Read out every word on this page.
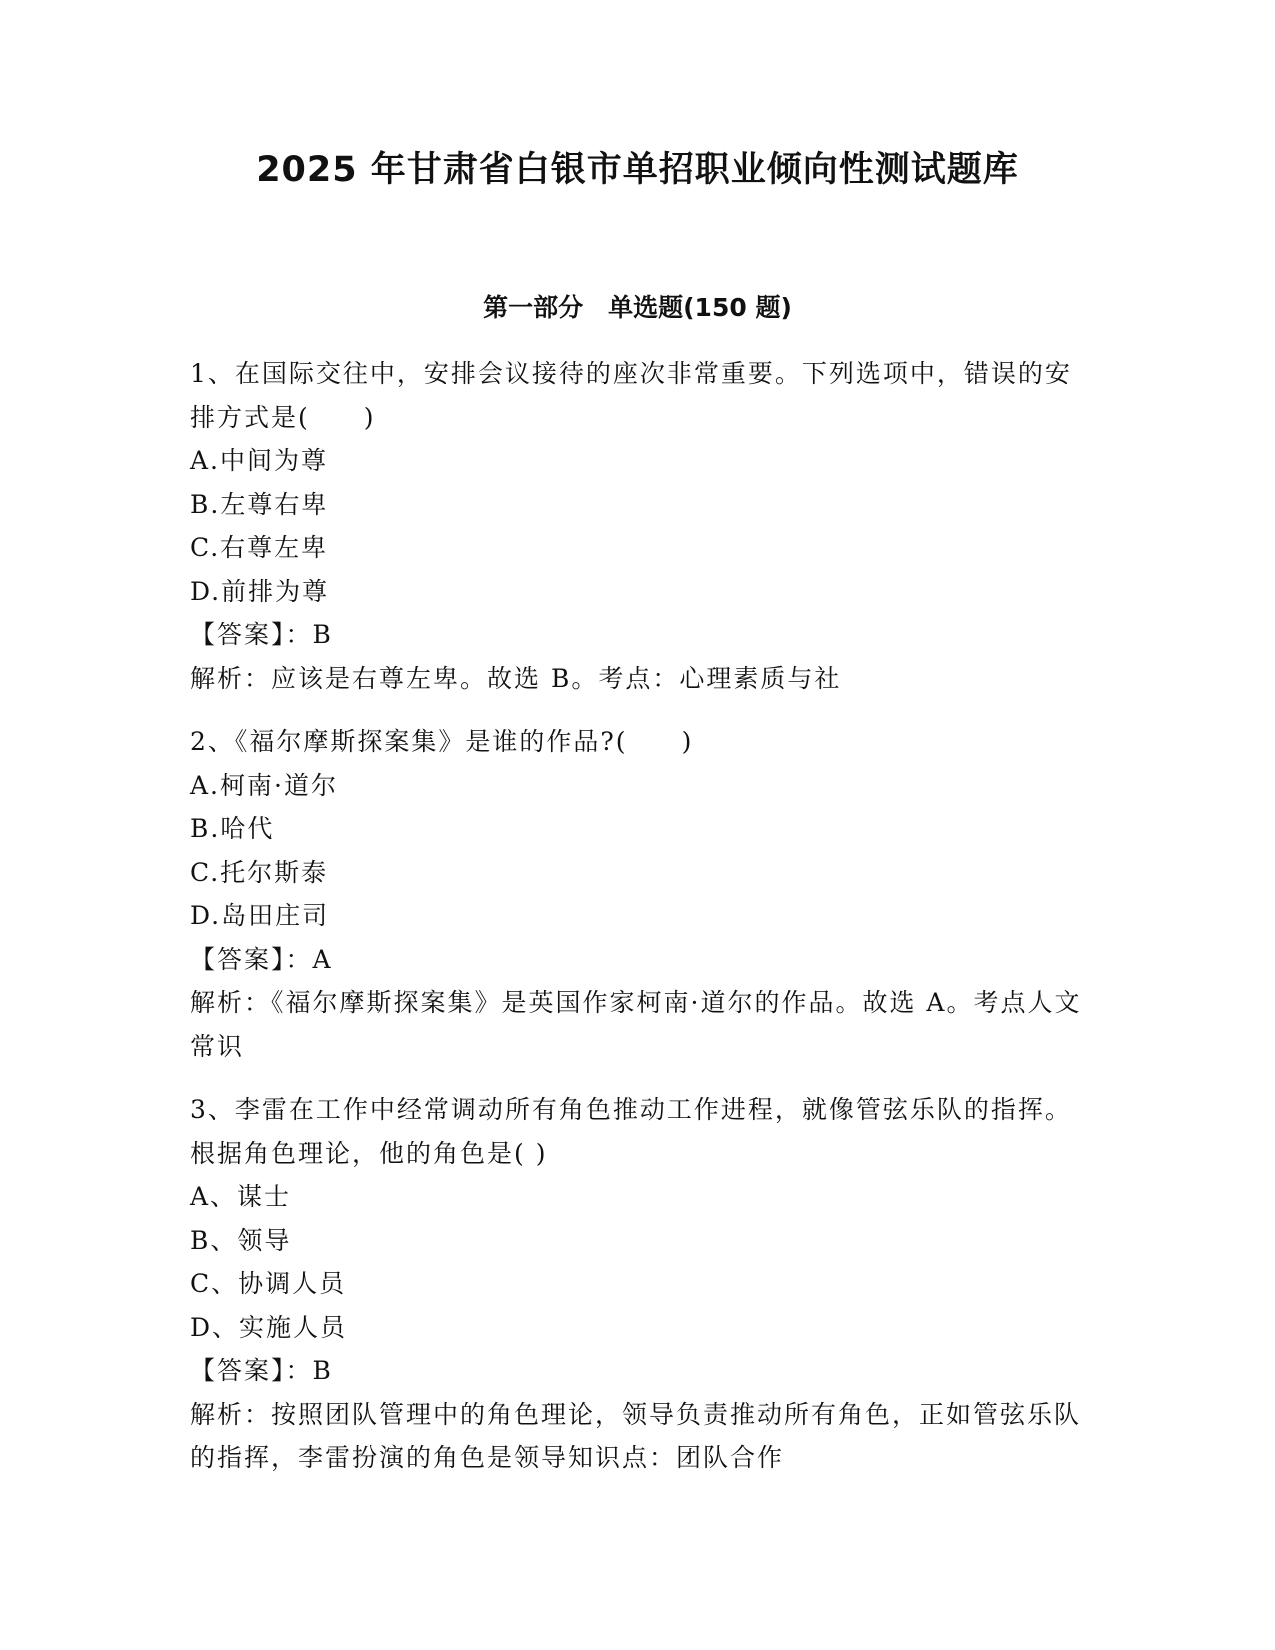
2025 年甘肃省白银市单招职业倾向性测试题库
第一部分　单选题(150 题)
1、在国际交往中，安排会议接待的座次非常重要。下列选项中，错误的安排方式是(　　)
A.中间为尊
B.左尊右卑
C.右尊左卑
D.前排为尊
【答案】：B
解析：应该是右尊左卑。故选 B。考点：心理素质与社
2、《福尔摩斯探案集》是谁的作品?(　　)
A.柯南·道尔
B.哈代
C.托尔斯泰
D.岛田庄司
【答案】：A
解析：《福尔摩斯探案集》是英国作家柯南·道尔的作品。故选 A。考点人文常识
3、李雷在工作中经常调动所有角色推动工作进程，就像管弦乐队的指挥。根据角色理论，他的角色是( )
A、谋士
B、领导
C、协调人员
D、实施人员
【答案】：B
解析：按照团队管理中的角色理论，领导负责推动所有角色，正如管弦乐队的指挥，李雷扮演的角色是领导知识点：团队合作
